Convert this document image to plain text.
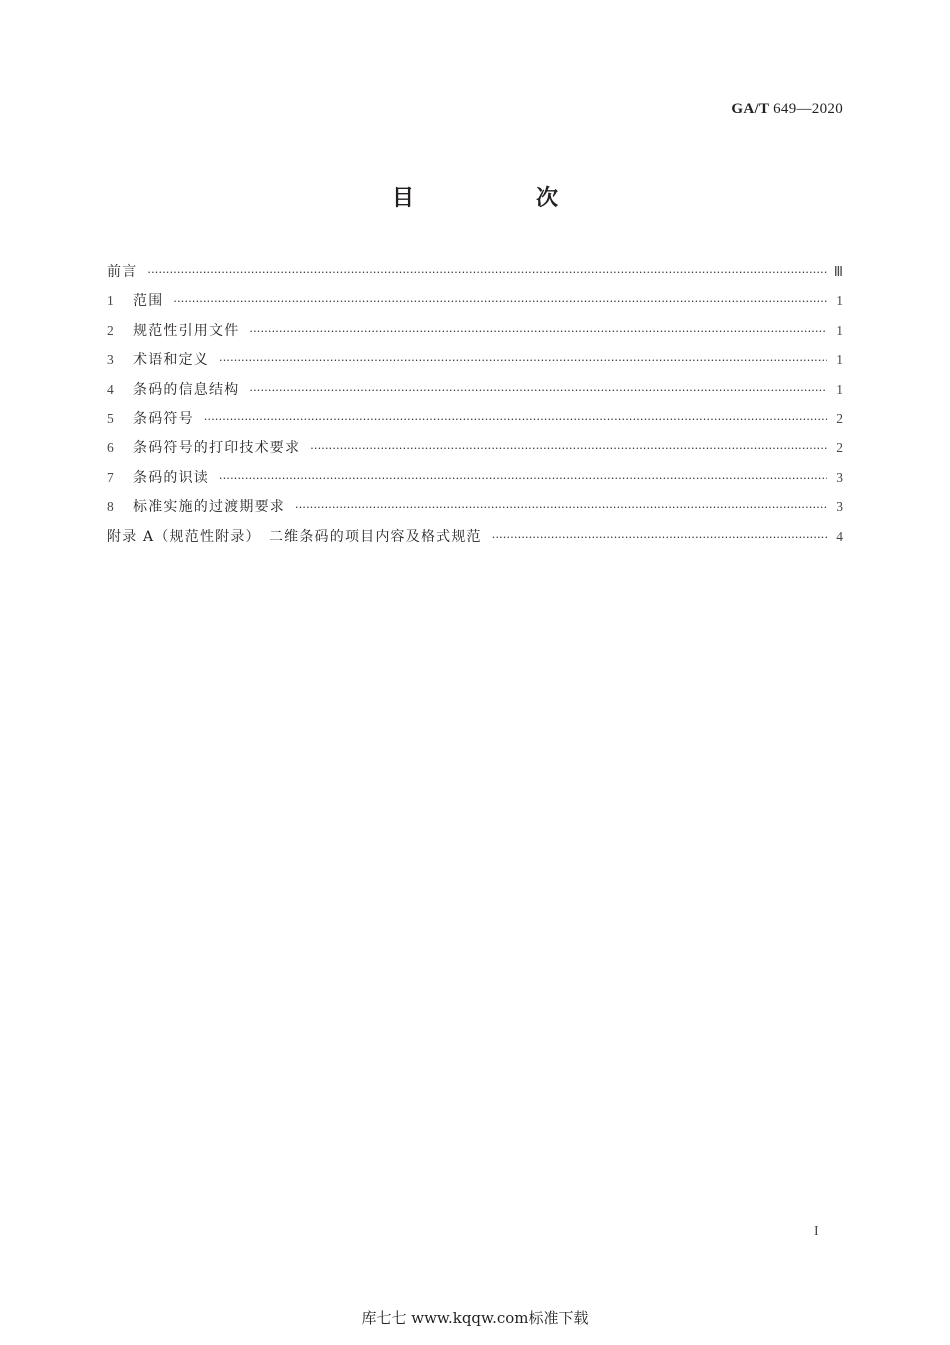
GA/T 649—2020
目　次
前言 ·····	Ⅲ
1	范围 ·····	1
2	规范性引用文件 ·····	1
3	术语和定义 ·····	1
4	条码的信息结构 ·····	1
5	条码符号 ·····	2
6	条码符号的打印技术要求 ·····	2
7	条码的识读 ·····	3
8	标准实施的过渡期要求 ·····	3
附录 A（规范性附录）　二维条码的项目内容及格式规范 ·····	4
I
库七七 www.kqqw.com标准下载
